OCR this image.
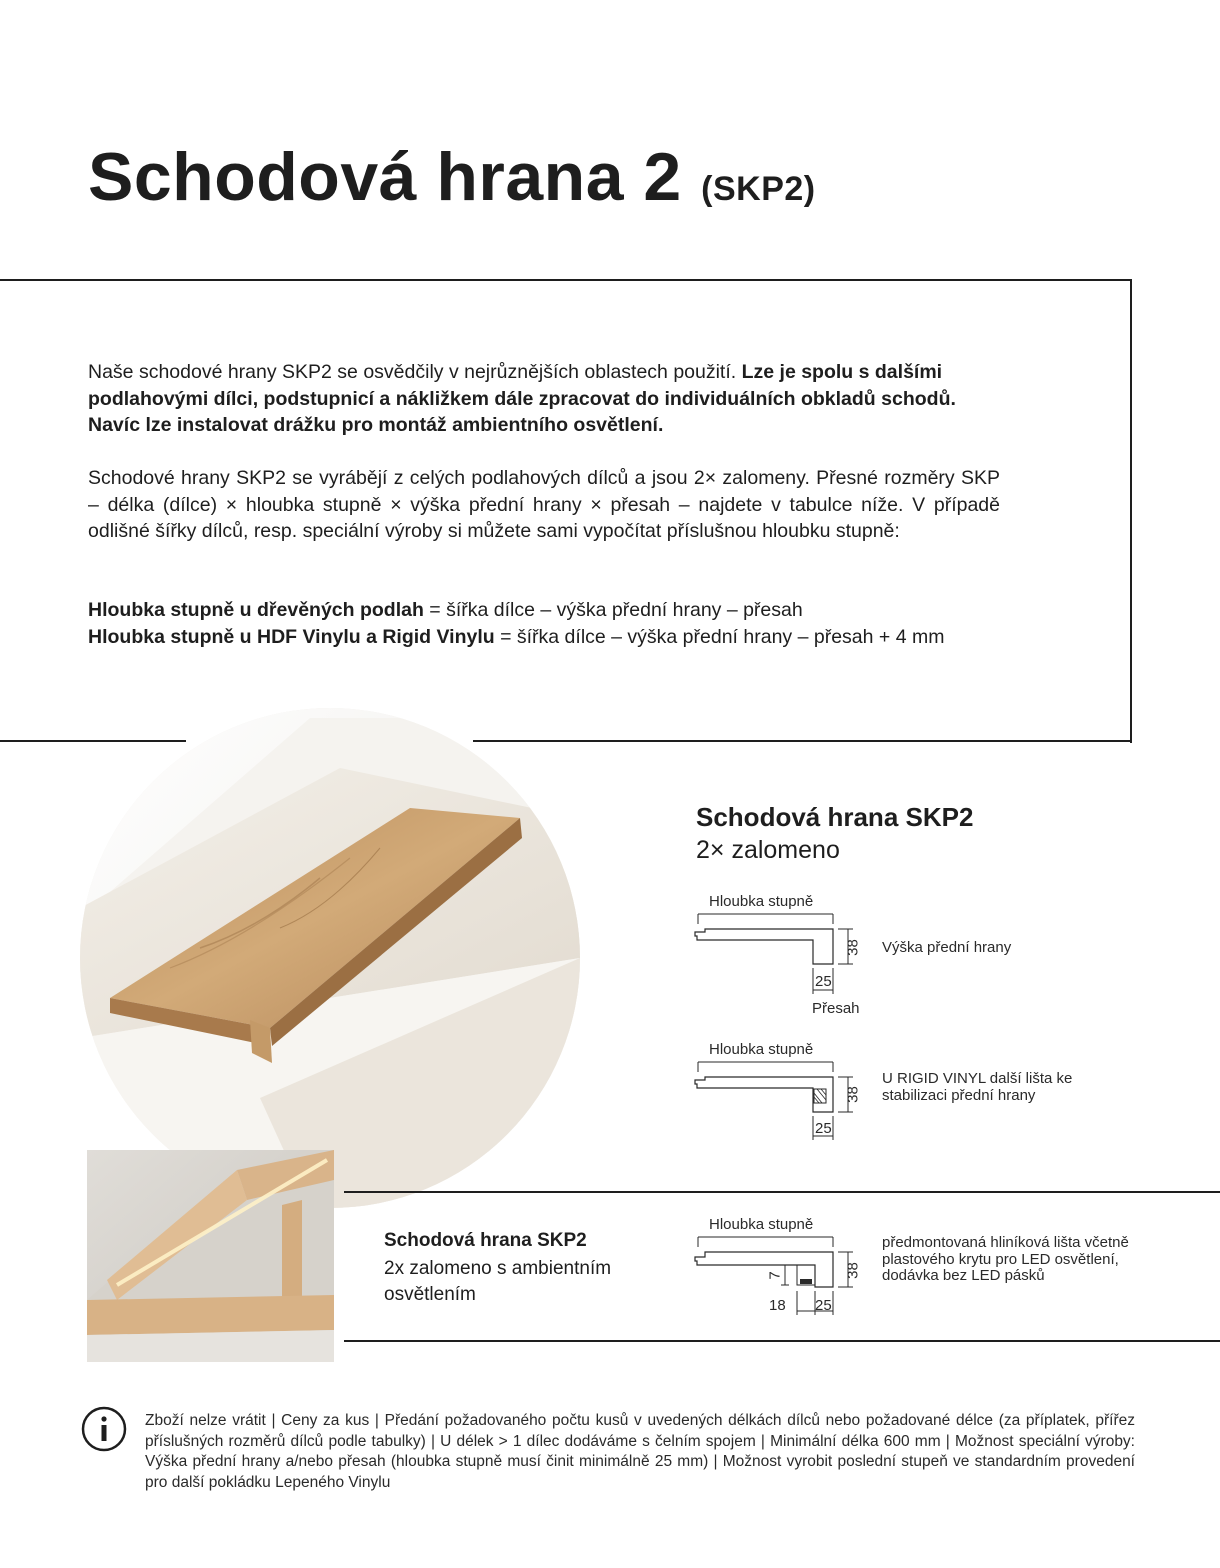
Schodová hrana 2 (SKP2)
Naše schodové hrany SKP2 se osvědčily v nejrůznějších oblastech použití. Lze je spolu s dalšími podlahovými dílci, podstupnicí a nákližkem dále zpracovat do individuálních obkladů schodů. Navíc lze instalovat drážku pro montáž ambientního osvětlení.
Schodové hrany SKP2 se vyrábějí z celých podlahových dílců a jsou 2× zalomeny. Přesné rozměry SKP – délka (dílce) × hloubka stupně × výška přední hrany × přesah – najdete v tabulce níže. V případě odlišné šířky dílců, resp. speciální výroby si můžete sami vypočítat příslušnou hloubku stupně:
Hloubka stupně u dřevěných podlah = šířka dílce – výška přední hrany – přesah
Hloubka stupně u HDF Vinylu a Rigid Vinylu = šířka dílce – výška přední hrany – přesah + 4 mm
Schodová hrana SKP2
2× zalomeno
Hloubka stupně
38
25
Výška přední hrany
Přesah
Hloubka stupně
38
25
U RIGID VINYL další lišta ke stabilizaci přední hrany
Schodová hrana SKP2
2x zalomeno s ambientním osvětlením
Hloubka stupně
38
7
18 25
předmontovaná hliníková lišta včetně plastového krytu pro LED osvětlení, dodávka bez LED pásků
Zboží nelze vrátit | Ceny za kus | Předání požadovaného počtu kusů v uvedených délkách dílců nebo požadované délce (za příplatek, přířez příslušných rozměrů dílců podle tabulky) | U délek > 1 dílec dodáváme s čelním spojem | Minimální délka 600 mm | Možnost speciální výroby: Výška přední hrany a/nebo přesah (hloubka stupně musí činit minimálně 25 mm) | Možnost vyrobit poslední stupeň ve standardním provedení pro další pokládku Lepeného Vinylu
